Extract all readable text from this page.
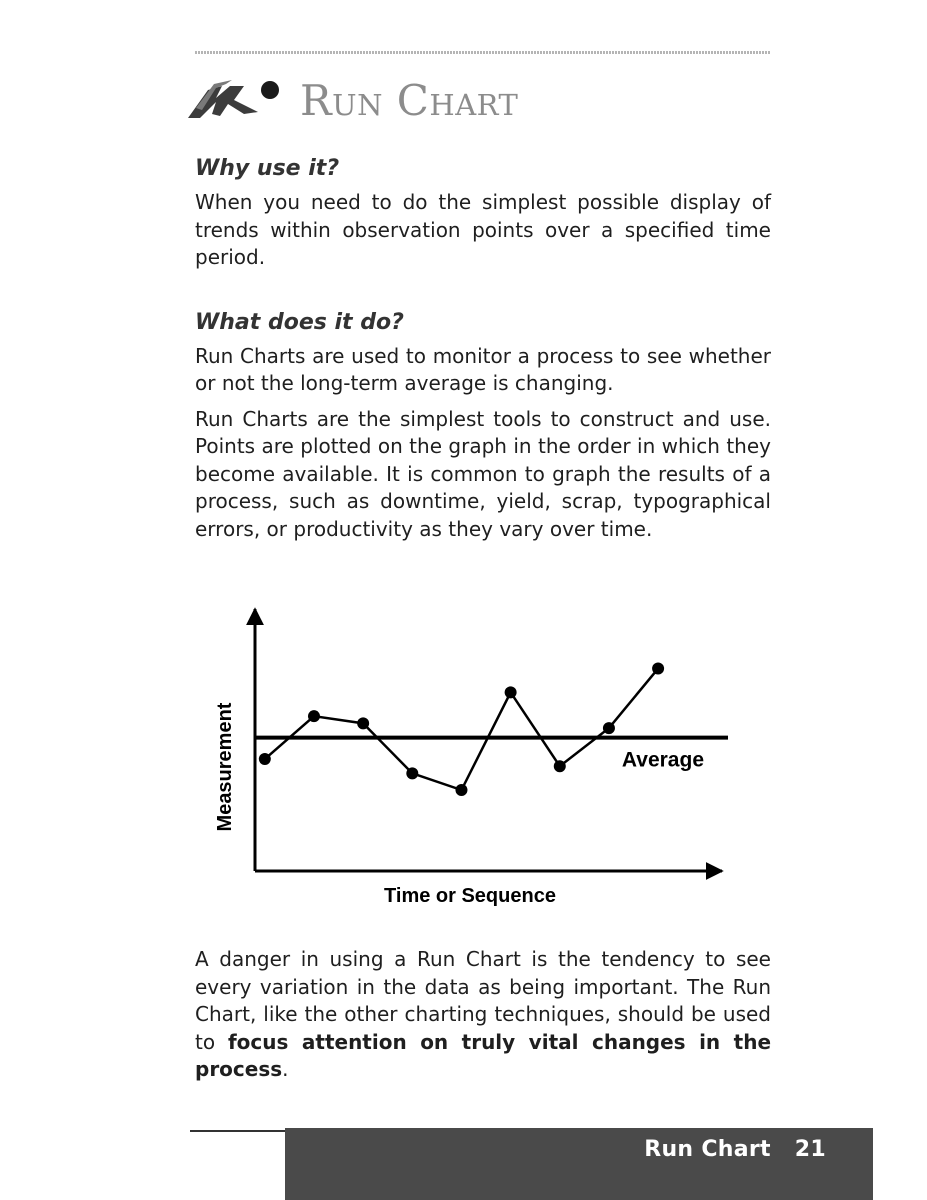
Run Chart
Why use it?

When you need to do the simplest possible display of trends within observation points over a specified time period.

What does it do?

Run Charts are used to monitor a process to see whether or not the long-term average is changing.

Run Charts are the simplest tools to construct and use. Points are plotted on the graph in the order in which they become available. It is common to graph the results of a process, such as downtime, yield, scrap, typographical errors, or productivity as they vary over time.

Average
Time or Sequence
Measurement

A danger in using a Run Chart is the tendency to see every variation in the data as being important. The Run Chart, like the other charting techniques, should be used to focus attention on truly vital changes in the process.

Run Chart 21
